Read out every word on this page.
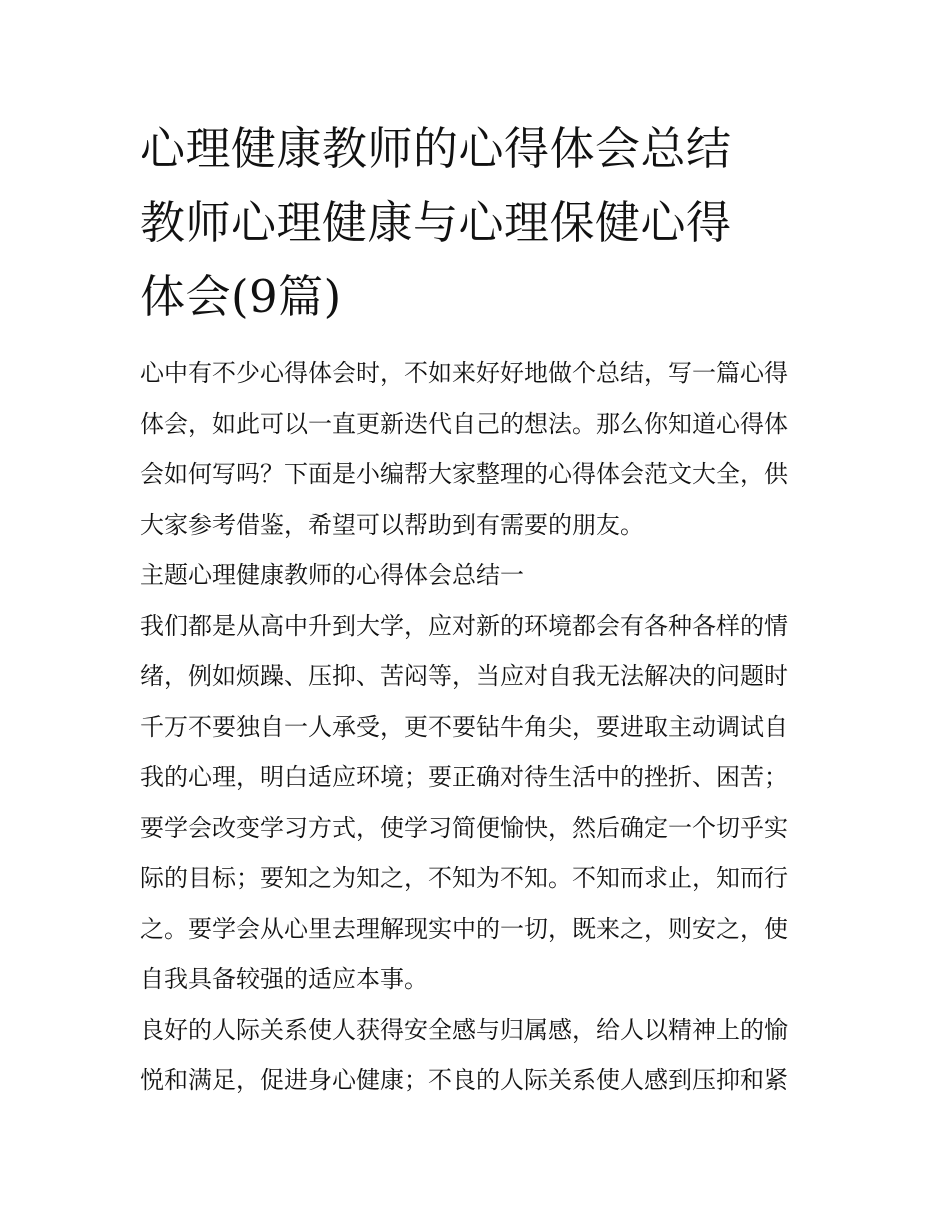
心理健康教师的心得体会总结
教师心理健康与心理保健心得
体会(9篇)

心中有不少心得体会时，不如来好好地做个总结，写一篇心得
体会，如此可以一直更新迭代自己的想法。那么你知道心得体
会如何写吗？下面是小编帮大家整理的心得体会范文大全，供
大家参考借鉴，希望可以帮助到有需要的朋友。

主题心理健康教师的心得体会总结一

我们都是从高中升到大学，应对新的环境都会有各种各样的情
绪，例如烦躁、压抑、苦闷等，当应对自我无法解决的问题时
千万不要独自一人承受，更不要钻牛角尖，要进取主动调试自
我的心理，明白适应环境；要正确对待生活中的挫折、困苦；
要学会改变学习方式，使学习简便愉快，然后确定一个切乎实
际的目标；要知之为知之，不知为不知。不知而求止，知而行
之。要学会从心里去理解现实中的一切，既来之，则安之，使
自我具备较强的适应本事。

良好的人际关系使人获得安全感与归属感，给人以精神上的愉
悦和满足，促进身心健康；不良的人际关系使人感到压抑和紧
